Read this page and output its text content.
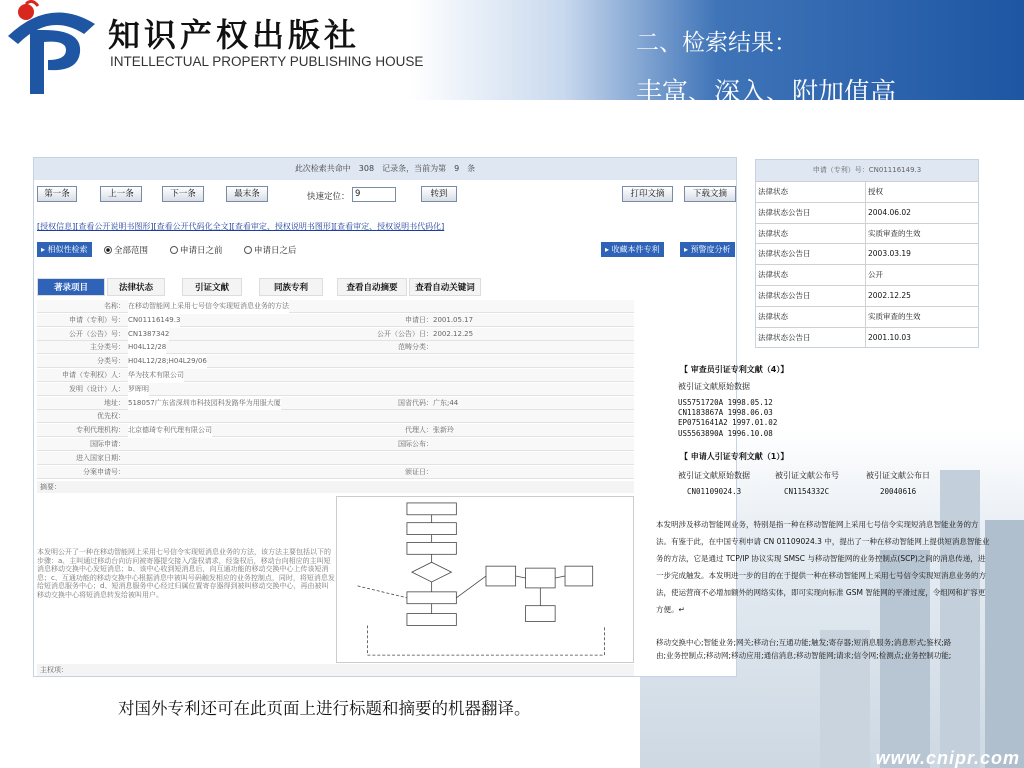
知识产权出版社
INTELLECTUAL PROPERTY PUBLISHING HOUSE
二、检索结果：
丰富、深入、附加值高
www.cnipr.com
此次检索共命中　308　记录条，当前为第　9　条
第一条	上一条	下一条	最末条	快速定位： 9	转到	打印文摘	下载文摘
[授权信息][查看公开说明书图形][查看公开代码化全文][查看审定、授权说明书图形][查看审定、授权说明书代码化]
▸ 相似性检索	全部范围	申请日之前	申请日之后	▸ 收藏本件专利	▸ 预警度分析
著录项目	法律状态	引证文献	同族专利	查看自动摘要	查看自动关键词
名称： 在移动智能网上采用七号信令实现短消息业务的方法
申请（专利）号： CN01116149.3	申请日： 2001.05.17
公开（公告）号： CN1387342	公开（公告）日： 2002.12.25
主分类号： H04L12/28	范畴分类：
分类号： H04L12/28;H04L29/06
申请（专利权）人： 华为技术有限公司
发明（设计）人： 罗晖明
地址： 518057广东省深圳市科技园科发路华为用服大厦	国省代码： 广东;44
优先权：
专利代理机构： 北京德琦专利代理有限公司	代理人： 张新玲
国际申请：	国际公布：
进入国家日期：
分案申请号：	颁证日：
摘要：
本发明公开了一种在移动智能网上采用七号信令实现短消息业务的方法，该方法主要包括以下的步骤：a、主叫通过移动台向访问被寄器提交接入/鉴权请求，经鉴权后，移动台向相应的主叫短消息移动交换中心发短消息；b、该中心收到短消息后，向互通功能的移动交换中心上传该短消息；c、互通功能的移动交换中心根据消息中被叫号码触发相应的业务控制点，同时，将短消息发给短消息服务中心；d、短消息服务中心经过归属位置寄存器得到被叫移动交换中心，再由被叫移动交换中心将短消息转发给被叫用户。
主权项：
申请（专利）号：CN01116149.3
法律状态	授权
法律状态公告日	2004.06.02
法律状态	实质审查的生效
法律状态公告日	2003.03.19
法律状态	公开
法律状态公告日	2002.12.25
法律状态	实质审查的生效
法律状态公告日	2001.10.03
【 审查员引证专利文献（4）】
被引证文献原始数据
US5751720A 1998.05.12
CN1183867A 1998.06.03
EP0751641A2 1997.01.02
US5563890A 1996.10.08
【 申请人引证专利文献（1）】
被引证文献原始数据	被引证文献公布号	被引证文献公布日
CN01109024.3	CN1154332C	20040616
本发明涉及移动智能网业务，特别是指一种在移动智能网上采用七号信令实现短消息智能业务的方法。有鉴于此，在中国专利申请 CN 01109024.3 中，提出了一种在移动智能网上提供短消息智能业务的方法，它是通过 TCP/IP 协议实现 SMSC 与移动智能网的业务控制点(SCP)之间的消息传递，进一步完成触发。本发明进一步的目的在于提供一种在移动智能网上采用七号信令实现短消息业务的方法，使运营商不必增加额外的网络实体，即可实现向标准 GSM 智能网的平滑过度，令组网和扩容更方便。↵
移动交换中心;智能业务;网关;移动台;互通功能;触发;寄存器;短消息服务;消息形式;鉴权;路由;业务控制点;移动网;移动应用;通信消息;移动智能网;请求;信令网;检测点;业务控制功能;
对国外专利还可在此页面上进行标题和摘要的机器翻译。
